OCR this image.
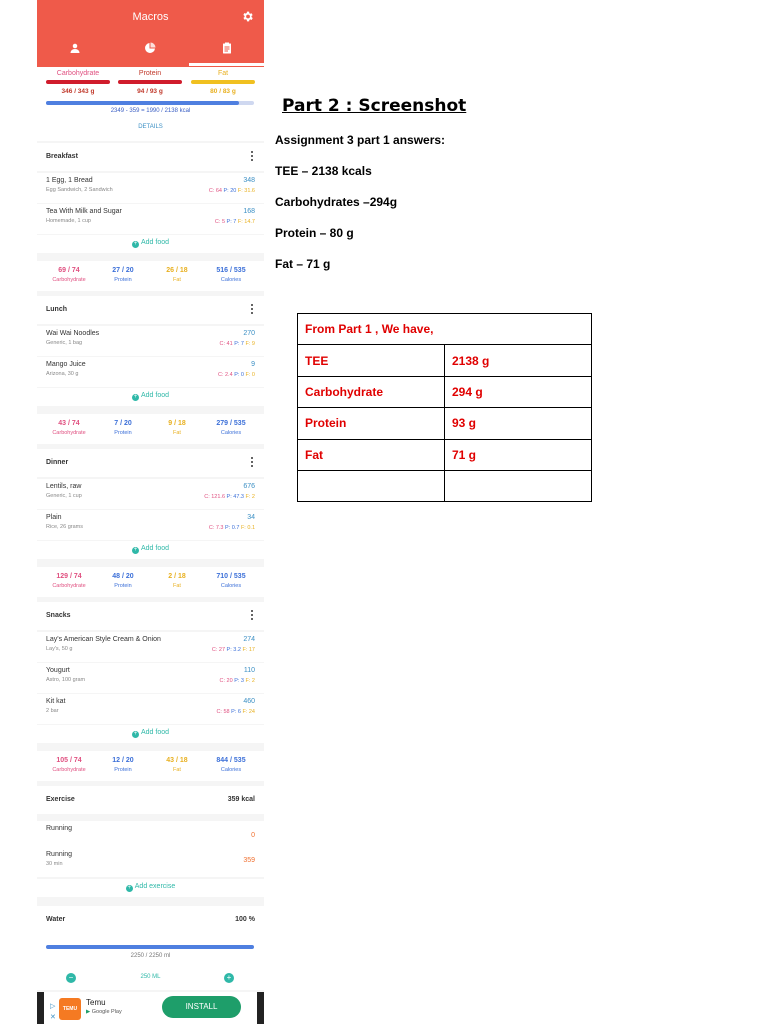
Macros
Carbohydrate
346 / 343 g
Protein
94 / 93 g
Fat
80 / 83 g
2349 - 359 = 1990 / 2138 kcal
DETAILS
Breakfast
1 Egg, 1 Bread
Egg Sandwich, 2 Sandwich
348
C: 64 P: 20 F: 31.6
Tea With Milk and Sugar
Homemade, 1 cup
168
C: 5 P: 7 F: 14.7
+ Add food
69 / 74
Carbohydrate
27 / 20
Protein
26 / 18
Fat
516 / 535
Calories
Lunch
Wai Wai Noodles
Generic, 1 bag
270
C: 41 P: 7 F: 9
Mango Juice
Arizona, 30 g
9
C: 2.4 P: 0 F: 0
+ Add food
43 / 74
Carbohydrate
7 / 20
Protein
9 / 18
Fat
279 / 535
Calories
Dinner
Lentils, raw
Generic, 1 cup
676
C: 121.6 P: 47.3 F: 2
Plain
Rice, 26 grams
34
C: 7.3 P: 0.7 F: 0.1
+ Add food
129 / 74
Carbohydrate
48 / 20
Protein
2 / 18
Fat
710 / 535
Calories
Snacks
Lay's American Style Cream & Onion
Lay's, 50 g
274
C: 27 P: 3.2 F: 17
Yougurt
Astro, 100 gram
110
C: 20 P: 3 F: 2
Kit kat
2 bar
460
C: 58 P: 6 F: 24
+ Add food
105 / 74
Carbohydrate
12 / 20
Protein
43 / 18
Fat
844 / 535
Calories
Exercise	359 kcal
Running
0
Running
30 min	359
+ Add exercise
Water	100 %
2250 / 2250 ml
−	250 ML	+
▷
✕
TEMU
Temu
▶ Google Play
INSTALL
Part 2 : Screenshot
Assignment 3 part 1 answers:
TEE – 2138 kcals
Carbohydrates –294g
Protein – 80 g
Fat – 71 g
From Part 1 , We have,	
TEE	2138 g
Carbohydrate	294 g
Protein	93 g
Fat	71 g
